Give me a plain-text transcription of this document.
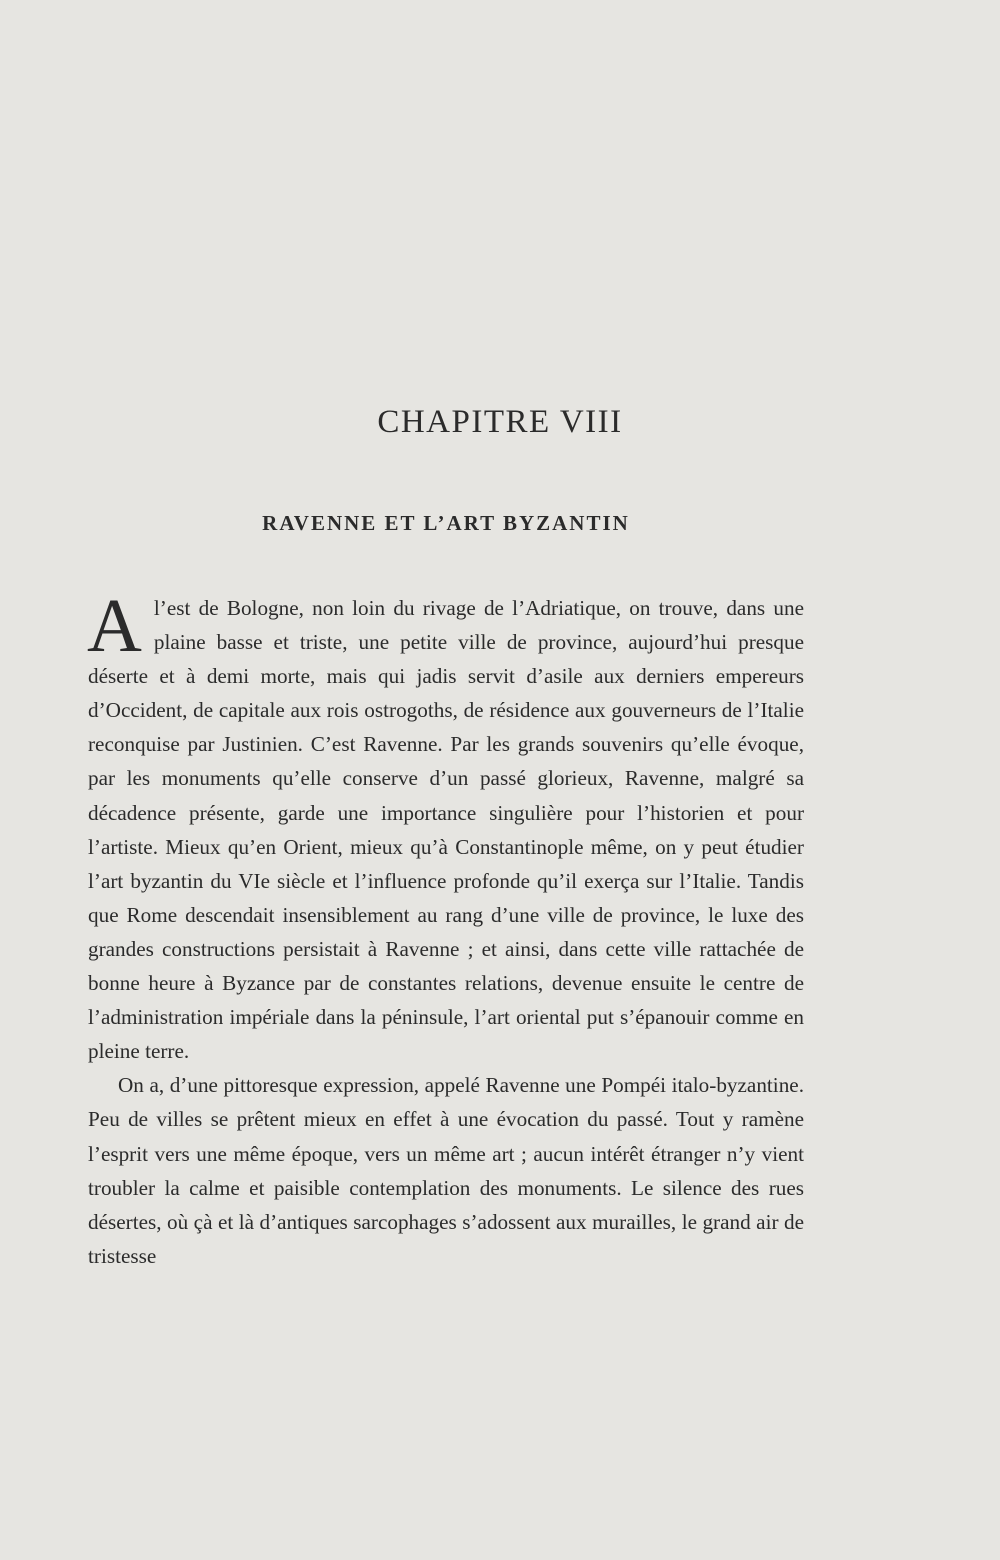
CHAPITRE VIII
RAVENNE ET L’ART BYZANTIN

Al’est de Bologne, non loin du rivage de l’Adriatique, on trouve, dans une plaine basse et triste, une petite ville de province, aujourd’hui presque déserte et à demi morte, mais qui jadis servit d’asile aux derniers empereurs d’Occident, de capitale aux rois ostrogoths, de résidence aux gouverneurs de l’Italie reconquise par Justinien. C’est Ravenne. Par les grands souvenirs qu’elle évoque, par les monuments qu’elle conserve d’un passé glorieux, Ravenne, malgré sa décadence présente, garde une importance singulière pour l’historien et pour l’artiste. Mieux qu’en Orient, mieux qu’à Constantinople même, on y peut étudier l’art byzantin du VIe siècle et l’influence profonde qu’il exerça sur l’Italie. Tandis que Rome descendait insensiblement au rang d’une ville de province, le luxe des grandes constructions persistait à Ravenne ; et ainsi, dans cette ville rattachée de bonne heure à Byzance par de constantes relations, devenue ensuite le centre de l’administration impériale dans la péninsule, l’art oriental put s’épanouir comme en pleine terre.

On a, d’une pittoresque expression, appelé Ravenne une Pompéi italo-byzantine. Peu de villes se prêtent mieux en effet à une évocation du passé. Tout y ramène l’esprit vers une même époque, vers un même art ; aucun intérêt étranger n’y vient troubler la calme et paisible contemplation des monuments. Le silence des rues désertes, où çà et là d’antiques sarcophages s’adossent aux murailles, le grand air de tristesse
